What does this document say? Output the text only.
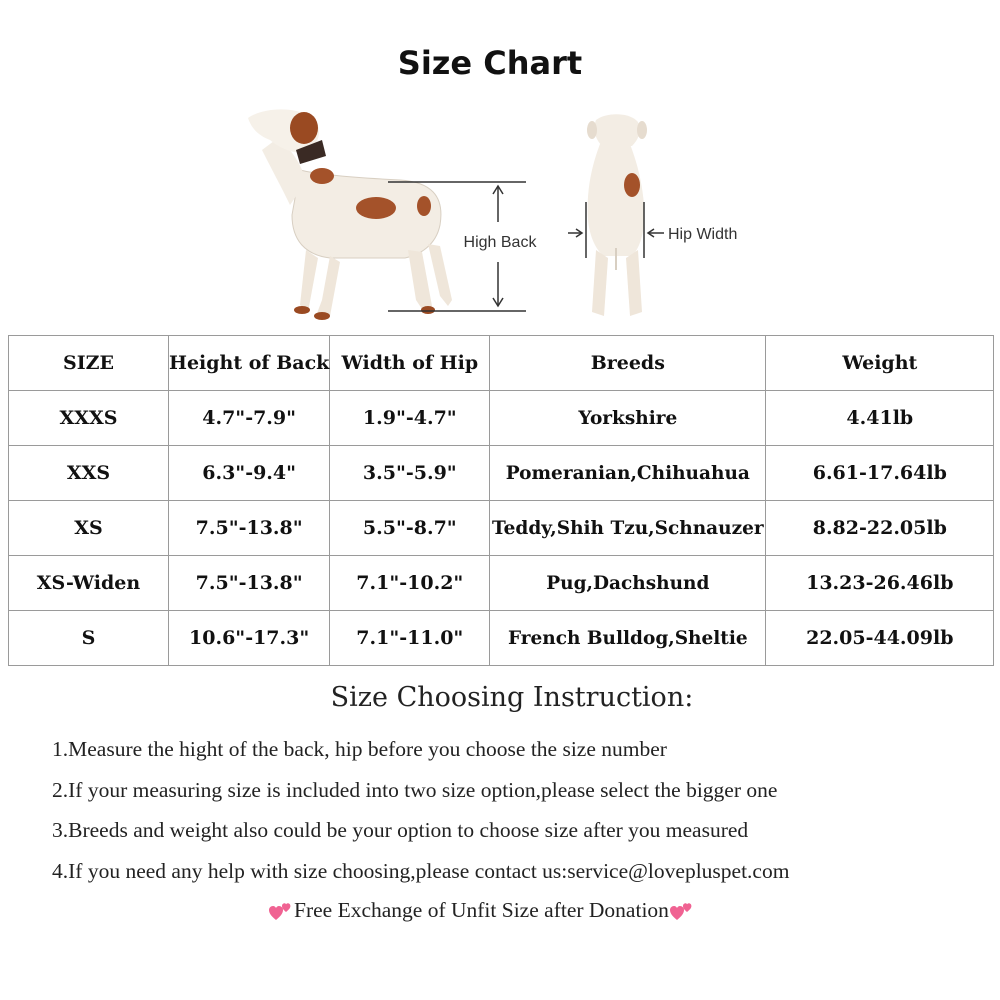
Size Chart
High Back	Hip Width
SIZE	Height of Back	Width of Hip	Breeds	Weight
XXXS	4.7"-7.9"	1.9"-4.7"	Yorkshire	4.41lb
XXS	6.3"-9.4"	3.5"-5.9"	Pomeranian,Chihuahua	6.61-17.64lb
XS	7.5"-13.8"	5.5"-8.7"	Teddy,Shih Tzu,Schnauzer	8.82-22.05lb
XS-Widen	7.5"-13.8"	7.1"-10.2"	Pug,Dachshund	13.23-26.46lb
S	10.6"-17.3"	7.1"-11.0"	French Bulldog,Sheltie	22.05-44.09lb
Size Choosing Instruction:
1.Measure the hight of the back, hip before you choose the size number
2.If your measuring size is included into two size option,please select the bigger one
3.Breeds and weight also could be your option to choose size after you measured
4.If you need any help with size choosing,please contact us:service@lovepluspet.com
Free Exchange of Unfit Size after Donation
